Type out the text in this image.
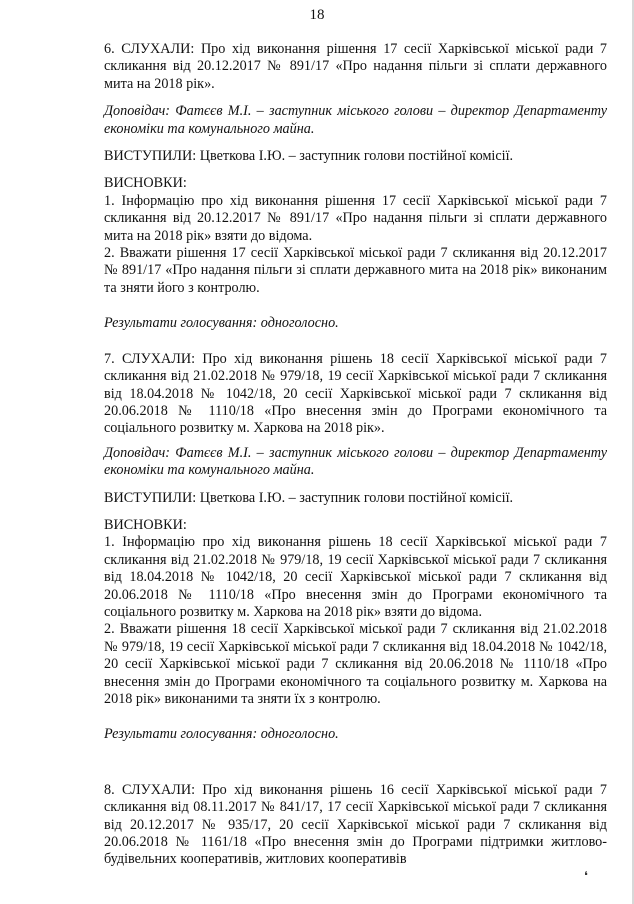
18

6. СЛУХАЛИ: Про хід виконання рішення 17 сесії Харківської міської ради 7 скликання від 20.12.2017 № 891/17 «Про надання пільги зі сплати державного мита на 2018 рік».

Доповідач: Фатєєв М.І. – заступник міського голови – директор Департаменту економіки та комунального майна.

ВИСТУПИЛИ: Цветкова І.Ю. – заступник голови постійної комісії.

ВИСНОВКИ:

1. Інформацію про хід виконання рішення 17 сесії Харківської міської ради 7 скликання від 20.12.2017 № 891/17 «Про надання пільги зі сплати державного мита на 2018 рік» взяти до відома.

2. Вважати рішення 17 сесії Харківської міської ради 7 скликання від 20.12.2017 № 891/17 «Про надання пільги зі сплати державного мита на 2018 рік» виконаним та зняти його з контролю.

Результати голосування: одноголосно.

7. СЛУХАЛИ: Про хід виконання рішень 18 сесії Харківської міської ради 7 скликання від 21.02.2018 № 979/18, 19 сесії Харківської міської ради 7 скликання від 18.04.2018 № 1042/18, 20 сесії Харківської міської ради 7 скликання від 20.06.2018 № 1110/18 «Про внесення змін до Програми економічного та соціального розвитку м. Харкова на 2018 рік».

Доповідач: Фатєєв М.І. – заступник міського голови – директор Департаменту економіки та комунального майна.

ВИСТУПИЛИ: Цветкова І.Ю. – заступник голови постійної комісії.

ВИСНОВКИ:

1. Інформацію про хід виконання рішень 18 сесії Харківської міської ради 7 скликання від 21.02.2018 № 979/18, 19 сесії Харківської міської ради 7 скликання від 18.04.2018 № 1042/18, 20 сесії Харківської міської ради 7 скликання від 20.06.2018 № 1110/18 «Про внесення змін до Програми економічного та соціального розвитку м. Харкова на 2018 рік» взяти до відома.

2. Вважати рішення 18 сесії Харківської міської ради 7 скликання від 21.02.2018 № 979/18, 19 сесії Харківської міської ради 7 скликання від 18.04.2018 № 1042/18, 20 сесії Харківської міської ради 7 скликання від 20.06.2018 № 1110/18 «Про внесення змін до Програми економічного та соціального розвитку м. Харкова на 2018 рік» виконаними та зняти їх з контролю.

Результати голосування: одноголосно.

8. СЛУХАЛИ: Про хід виконання рішень 16 сесії Харківської міської ради 7 скликання від 08.11.2017 № 841/17, 17 сесії Харківської міської ради 7 скликання від 20.12.2017 № 935/17, 20 сесії Харківської міської ради 7 скликання від 20.06.2018 № 1161/18 «Про внесення змін до Програми підтримки житлово-будівельних кооперативів, житлових кооперативів

❛
